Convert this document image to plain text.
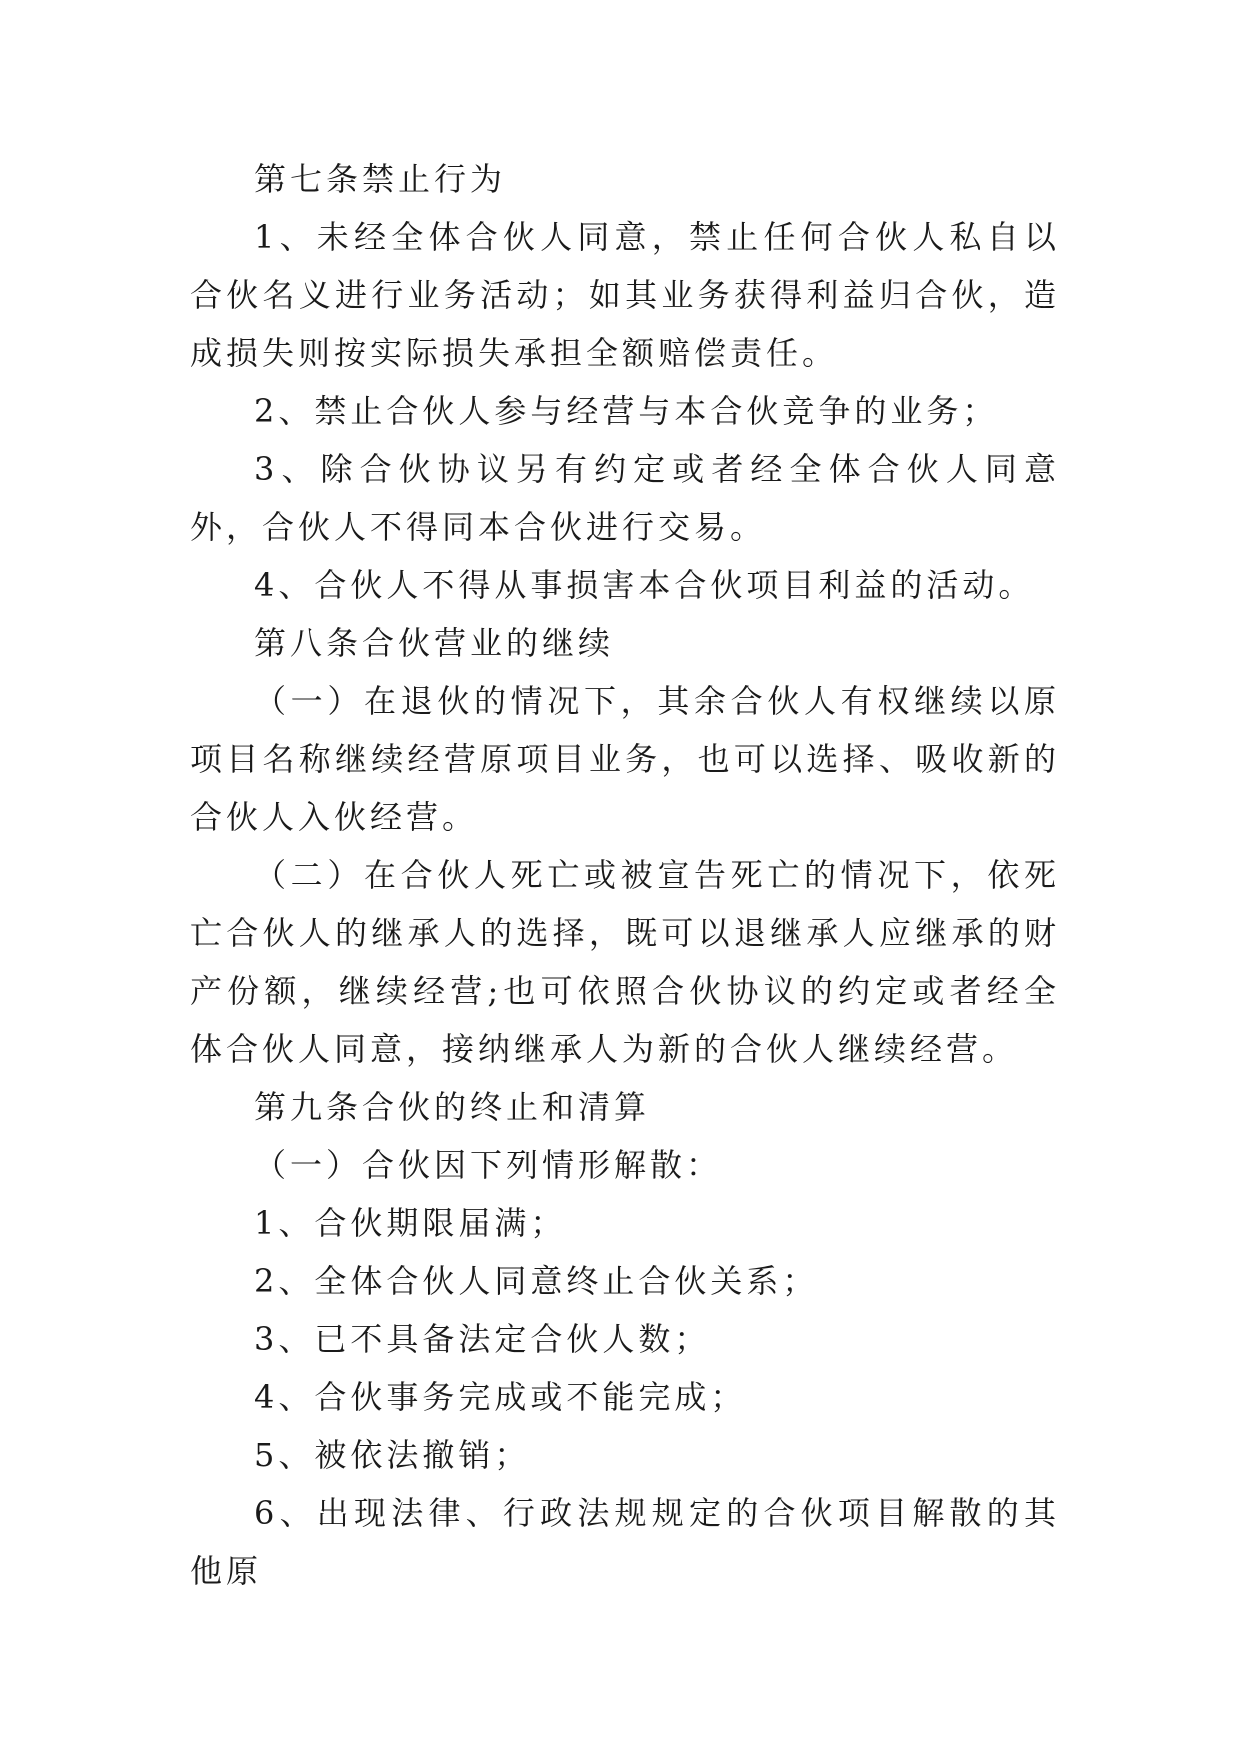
第七条禁止行为

1、未经全体合伙人同意，禁止任何合伙人私自以合伙名义进行业务活动；如其业务获得利益归合伙，造成损失则按实际损失承担全额赔偿责任。

2、禁止合伙人参与经营与本合伙竞争的业务；

3、除合伙协议另有约定或者经全体合伙人同意外，合伙人不得同本合伙进行交易。

4、合伙人不得从事损害本合伙项目利益的活动。

第八条合伙营业的继续

（一）在退伙的情况下，其余合伙人有权继续以原项目名称继续经营原项目业务，也可以选择、吸收新的合伙人入伙经营。

（二）在合伙人死亡或被宣告死亡的情况下，依死亡合伙人的继承人的选择，既可以退继承人应继承的财产份额，继续经营;也可依照合伙协议的约定或者经全体合伙人同意，接纳继承人为新的合伙人继续经营。

第九条合伙的终止和清算

（一）合伙因下列情形解散：

1、合伙期限届满；

2、全体合伙人同意终止合伙关系；

3、已不具备法定合伙人数；

4、合伙事务完成或不能完成；

5、被依法撤销；

6、出现法律、行政法规规定的合伙项目解散的其他原
